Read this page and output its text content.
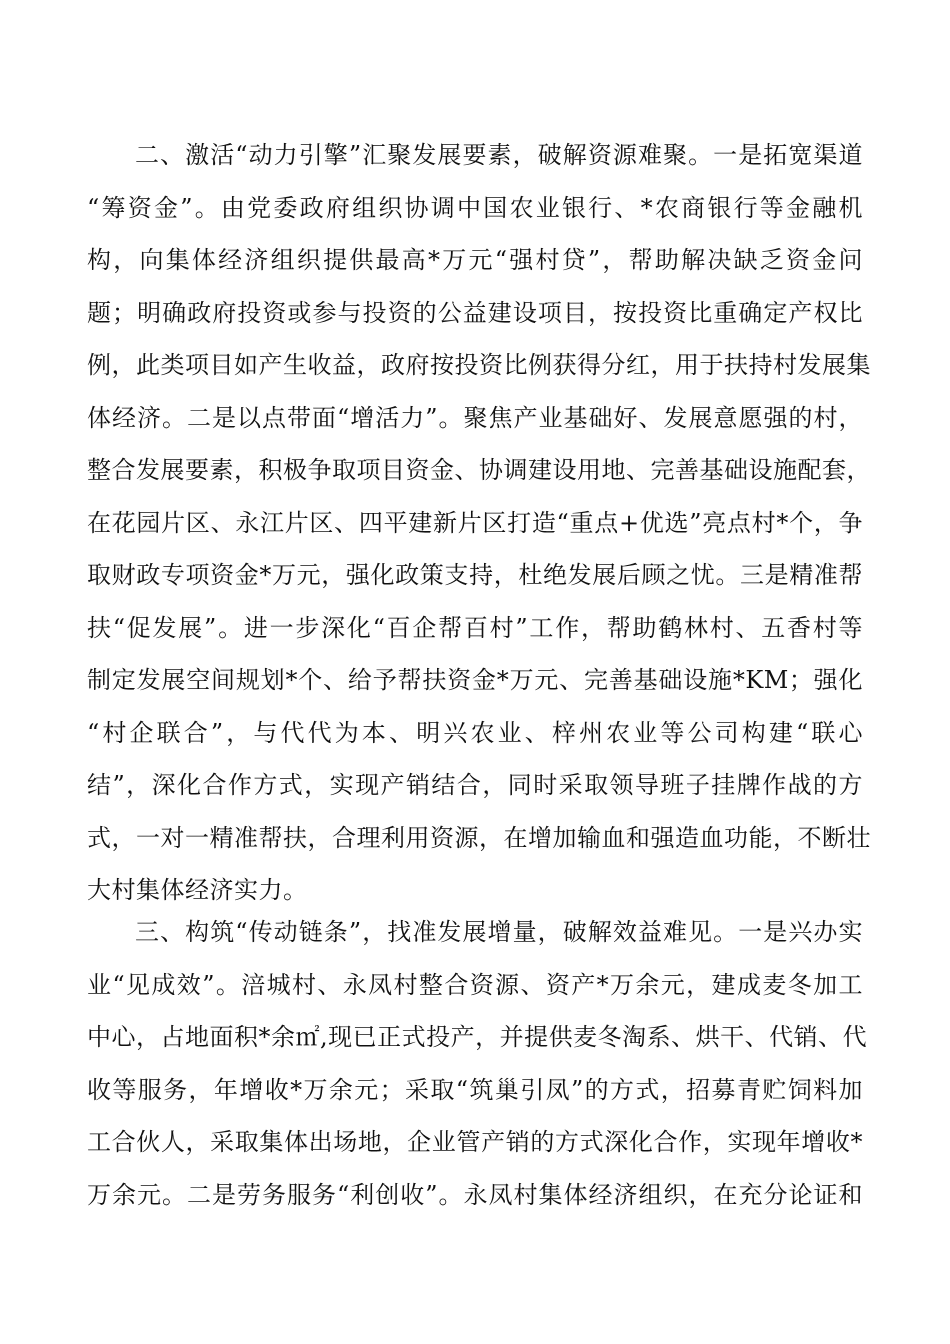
二、激活“动力引擎”汇聚发展要素，破解资源难聚。一是拓宽渠道
“筹资金”。由党委政府组织协调中国农业银行、*农商银行等金融机
构，向集体经济组织提供最高*万元“强村贷”，帮助解决缺乏资金问
题；明确政府投资或参与投资的公益建设项目，按投资比重确定产权比
例，此类项目如产生收益，政府按投资比例获得分红，用于扶持村发展集
体经济。二是以点带面“增活力”。聚焦产业基础好、发展意愿强的村，
整合发展要素，积极争取项目资金、协调建设用地、完善基础设施配套，
在花园片区、永江片区、四平建新片区打造“重点+优选”亮点村*个，争
取财政专项资金*万元，强化政策支持，杜绝发展后顾之忧。三是精准帮
扶“促发展”。进一步深化“百企帮百村”工作，帮助鹤林村、五香村等
制定发展空间规划*个、给予帮扶资金*万元、完善基础设施*KM；强化
“村企联合”，与代代为本、明兴农业、梓州农业等公司构建“联心
结”，深化合作方式，实现产销结合，同时采取领导班子挂牌作战的方
式，一对一精准帮扶，合理利用资源，在增加输血和强造血功能，不断壮
大村集体经济实力。
三、构筑“传动链条”，找准发展增量，破解效益难见。一是兴办实
业“见成效”。涪城村、永凤村整合资源、资产*万余元，建成麦冬加工
中心，占地面积*余㎡,现已正式投产，并提供麦冬淘系、烘干、代销、代
收等服务，年增收*万余元；采取“筑巢引凤”的方式，招募青贮饲料加
工合伙人，采取集体出场地，企业管产销的方式深化合作，实现年增收*
万余元。二是劳务服务“利创收”。永凤村集体经济组织，在充分论证和
